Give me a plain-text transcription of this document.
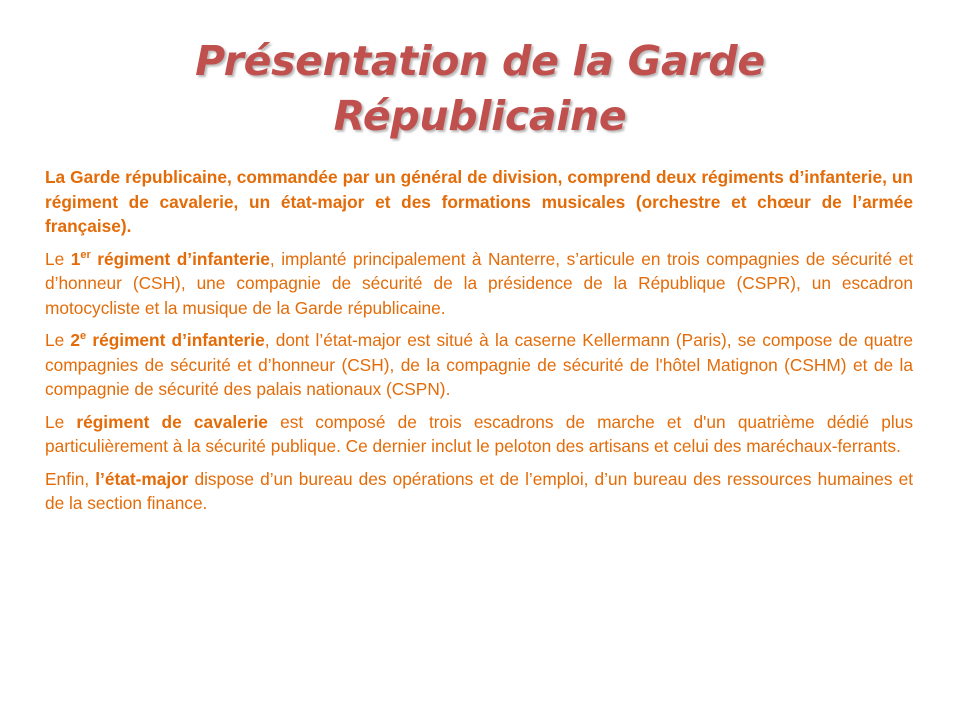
Présentation de la Garde
Républicaine

La Garde républicaine, commandée par un général de division, comprend deux régiments d’infanterie, un régiment de cavalerie, un état-major et des formations musicales (orchestre et chœur de l’armée française).

Le 1er régiment d’infanterie, implanté principalement à Nanterre, s’articule en trois compagnies de sécurité et d’honneur (CSH), une compagnie de sécurité de la présidence de la République (CSPR), un escadron motocycliste et la musique de la Garde républicaine.

Le 2e régiment d’infanterie, dont l’état-major est situé à la caserne Kellermann (Paris), se compose de quatre compagnies de sécurité et d’honneur (CSH), de la compagnie de sécurité de l'hôtel Matignon (CSHM) et de la compagnie de sécurité des palais nationaux (CSPN).

Le régiment de cavalerie est composé de trois escadrons de marche et d'un quatrième dédié plus particulièrement à la sécurité publique. Ce dernier inclut le peloton des artisans et celui des maréchaux-ferrants.

Enfin, l’état-major dispose d’un bureau des opérations et de l’emploi, d’un bureau des ressources humaines et de la section finance.
